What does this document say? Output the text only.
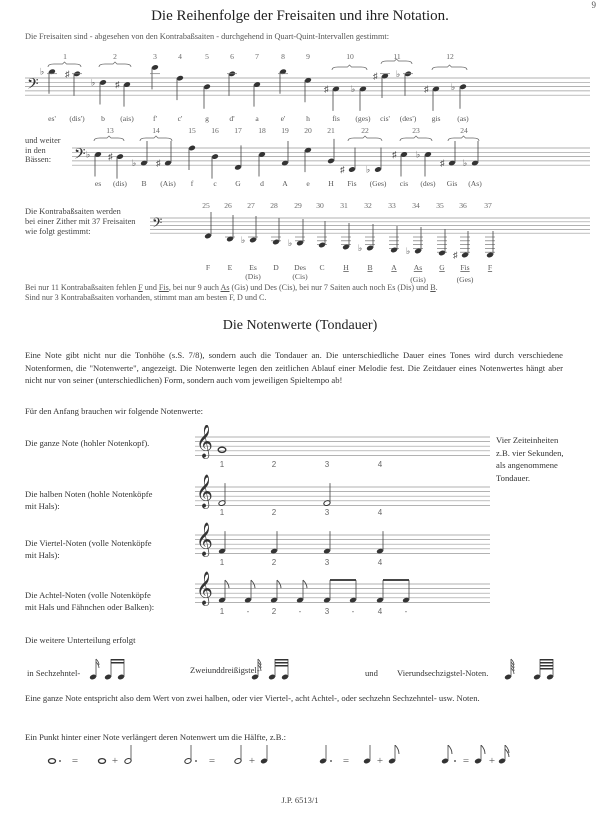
9
Die Reihenfolge der Freisaiten und ihre Notation.
Die Freisaiten sind - abgesehen von den Kontrabaßsaiten - durchgehend in Quart-Quint-Intervallen gestimmt:
𝄢
♭ ♯
♭ ♯	♯	♭
♯ ♭
♯	♭
1	2	3	4	5	6	7	8	9	10	11	12
es' (dis') b (ais)	f'	c'	g	d'	a	e'	h	fis (ges) cis' (des') gis (as)
und weiter
in den
Bässen:	𝄢
13	14	15 16 17 18 19 20 21	22	23	24
♭ ♯
♭ ♯
♯ ♭
♯ ♭
♯ ♭
es (dis) B (Ais) f	c G	d A e H Fis (Ges) cis (des) Gis (As)
Die Kontrabaßsaiten werden
bei einer Zither mit 37 Freisaiten
wie folgt gestimmt:	𝄢
25 26 27 28 29 30 31 32 33 34 35 36 37
♭	♭	♭	♭	♯
F E Es D Des C H B A As G Fis F
(Dis)	(Cis)	(Gis)	(Ges)
Bei nur 11 Kontrabaßsaiten fehlen F und Fis, bei nur 9 auch As (Gis) und Des (Cis), bei nur 7 Saiten auch noch Es (Dis) und B.
Sind nur 3 Kontrabaßsaiten vorhanden, stimmt man am besten F, D und C.
Die Notenwerte (Tondauer)
Eine Note gibt nicht nur die Tonhöhe (s.S. 7/8), sondern auch die Tondauer an. Die unterschiedliche Dauer eines Tones wird durch verschiedene Notenformen, die "Notenwerte", angezeigt. Die Notenwerte legen den zeitlichen Ablauf einer Melodie fest. Die Zeitdauer eines Notenwertes hängt aber nicht nur von seiner (unterschiedlichen) Form, sondern auch vom jeweiligen Spieltempo ab!
Für den Anfang brauchen wir folgende Notenwerte:
Die ganze Note (hohler Notenkopf).
Die halben Noten (hohle Notenköpfe
mit Hals):
Die Viertel-Noten (volle Notenköpfe
mit Hals):
Die Achtel-Noten (volle Notenköpfe
mit Hals und Fähnchen oder Balken):
Vier Zeiteinheiten
z.B. vier Sekunden,
als angenommene
Tondauer.
𝄞
𝄞
𝄞
𝄞
1	2	3	4
1	2	3	4
1	2	3	4
1	-	2	-	3	-	4	-
Die weitere Unterteilung erfolgt
in Sechzehntel-	Zweiunddreißigstel-	und Vierundsechzigstel-Noten.
Eine ganze Note entspricht also dem Wert von zwei halben, oder vier Viertel-, acht Achtel-, oder sechzehn Sechzehntel- usw. Noten.
Ein Punkt hinter einer Note verlängert deren Notenwert um die Hälfte, z.B.:
=	+	=	+	=	+	= +
J.P. 6513/1
